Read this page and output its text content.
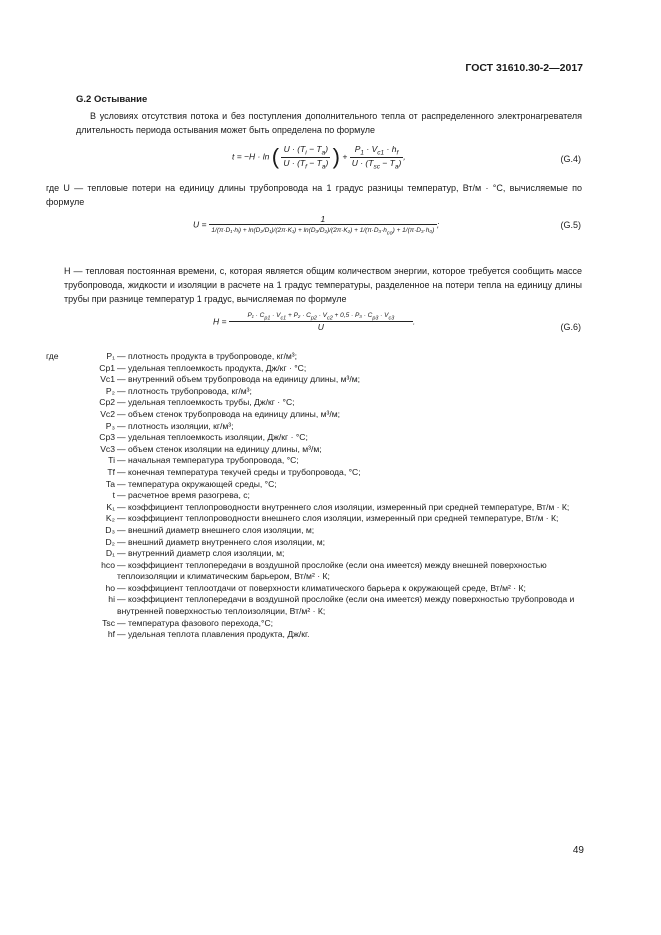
ГОСТ 31610.30-2—2017
G.2 Остывание
В условиях отсутствия потока и без поступления дополнительного тепла от распределенного электронагревателя длительность периода остывания может быть определена по формуле
t = −H · ln ( $\frac{U \cdot (T_i - T_a)}{U \cdot (T_f - T_a)}$ ) + $\frac{P_1 \cdot V_{c1} \cdot h_f}{U \cdot (T_{sc} - T_a)}$ ,	(G.4)
где U — тепловые потери на единицу длины трубопровода на 1 градус разницы температур, Вт/м · °С, вычисляемые по формуле
U =
1
1/(π·D₁·hᵢ) + $\ln(D_2/D_1)/(2\pi\cdot K_1) + \ln(D_3/D_2)/(2\pi\cdot K_2) + 1/(\pi\cdot D_3\cdot h_{co}) + 1/(\pi\cdot D_3\cdot h_0)$
;	(G.5)
H — тепловая постоянная времени, с, которая является общим количеством энергии, которое требуется сообщить массе трубопровода, жидкости и изоляции в расчете на 1 градус температуры, разделенное на потери тепла на единицу длины трубы при разнице температур 1 градус, вычисляемая по формуле
$H = \frac{P_1 \cdot C_{p1} \cdot V_{c1} + P_2 \cdot C_{p2} \cdot V_{c2} + 0,5 \cdot P_3 \cdot C_{p3} \cdot V_{c3}}{U}$ .
(G.6)
где	P₁ — плотность продукта в трубопроводе, кг/м³;
Cp1 — удельная теплоемкость продукта, Дж/кг · °С;
Vc1 — внутренний объем трубопровода на единицу длины, м³/м;
P₂ — плотность трубопровода, кг/м³;
Cp2 — удельная теплоемкость трубы, Дж/кг · °С;
Vc2 — объем стенок трубопровода на единицу длины, м³/м;
P₃ — плотность изоляции, кг/м³;
Cp3 — удельная теплоемкость изоляции, Дж/кг · °С;
Vc3 — объем стенок изоляции на единицу длины, м³/м;
Ti — начальная температура трубопровода, °С;
Tf — конечная температура текучей среды и трубопровода, °С;
Ta — температура окружающей среды, °С;
t — расчетное время разогрева, с;
K₁ — коэффициент теплопроводности внутреннего слоя изоляции, измеренный при средней температуре, Вт/м · К;
K₂ — коэффициент теплопроводности внешнего слоя изоляции, измеренный при средней температуре, Вт/м · К;
D₃ — внешний диаметр внешнего слоя изоляции, м;
D₂ — внешний диаметр внутреннего слоя изоляции, м;
D₁ — внутренний диаметр слоя изоляции, м;
hco — коэффициент теплопередачи в воздушной прослойке (если она имеется) между внешней поверхностью теплоизоляции и климатическим барьером, Вт/м² · К;
ho — коэффициент теплоотдачи от поверхности климатического барьера к окружающей среде, Вт/м² · К;
hi — коэффициент теплопередачи в воздушной прослойке (если она имеется) между поверхностью трубопровода и внутренней поверхностью теплоизоляции, Вт/м² · К;
Tsc — температура фазового перехода,°С;
hf — удельная теплота плавления продукта, Дж/кг.
49
